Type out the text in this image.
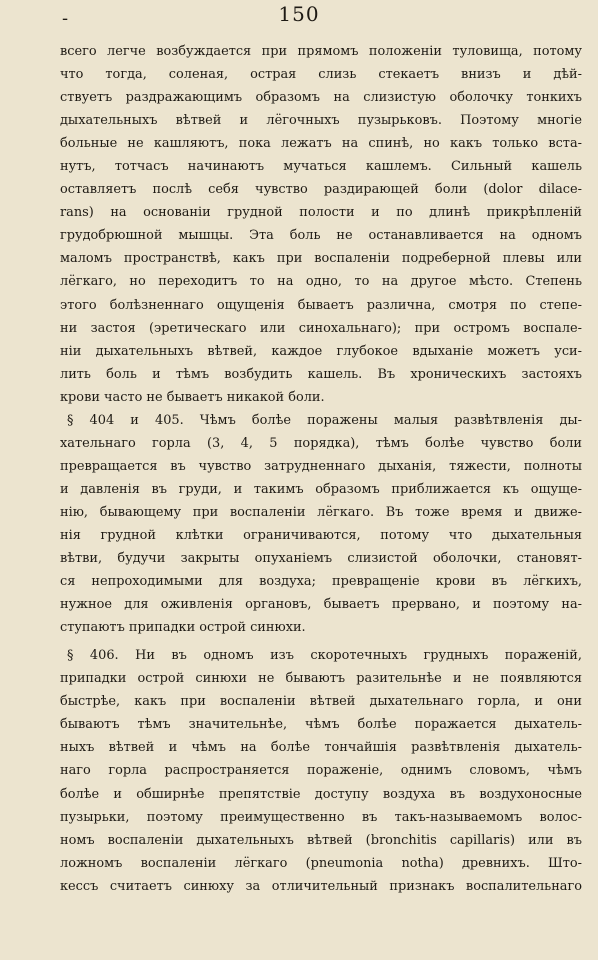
-	150
всего легче возбуждается при прямомъ положенiи туловища, потому
что тогда, соленая, острая слизь стекаетъ внизъ и дѣй-
ствуетъ раздражающимъ образомъ на слизистую оболочку тонкихъ
дыхательныхъ вѣтвей и лёгочныхъ пузырьковъ. Поэтому многiе
больные не кашляютъ, пока лежатъ на спинѣ, но какъ только вста-
нутъ, тотчасъ начинаютъ мучаться кашлемъ. Сильный кашель
оставляетъ послѣ себя чувство раздирающей боли (dolor dilace-
rans) на основанiи грудной полости и по длинѣ прикрѣпленiй
грудобрюшной мышцы. Эта боль не останавливается на одномъ
маломъ пространствѣ, какъ при воспаленiи подреберной плевы или
лёгкаго, но переходитъ то на одно, то на другое мѣсто. Степень
этого болѣзненнаго ощущенiя бываетъ различна, смотря по степе-
ни застоя (эретическаго или синохальнаго); при остромъ воспале-
нiи дыхательныхъ вѣтвей, каждое глубокое вдыханiе можетъ уси-
лить боль и тѣмъ возбудить кашель. Въ хроническихъ застояхъ
крови часто не бываетъ никакой боли.
§ 404 и 405. Чѣмъ болѣе поражены малыя развѣтвленiя ды-
хательнаго горла (3, 4, 5 порядка), тѣмъ болѣе чувство боли
превращается въ чувство затрудненнаго дыханiя, тяжести, полноты
и давленiя въ груди, и такимъ образомъ приближается къ ощуще-
нiю, бывающему при воспаленiи лёгкаго. Въ тоже время и движе-
нiя грудной клѣтки ограничиваются, потому что дыхательныя
вѣтви, будучи закрыты опуханiемъ слизистой оболочки, становят-
ся непроходимыми для воздуха; превращенiе крови въ лёгкихъ,
нужное для оживленiя органовъ, бываетъ прервано, и поэтому на-
ступаютъ припадки острой синюхи.
§ 406. Ни въ одномъ изъ скоротечныхъ грудныхъ пораженiй,
припадки острой синюхи не бываютъ разительнѣе и не появляются
быстрѣе, какъ при воспаленiи вѣтвей дыхательнаго горла, и они
бываютъ тѣмъ значительнѣе, чѣмъ болѣе поражается дыхатель-
ныхъ вѣтвей и чѣмъ на болѣе тончайшiя развѣтвленiя дыхатель-
наго горла распространяется пораженiе, однимъ словомъ, чѣмъ
болѣе и обширнѣе препятствiе доступу воздуха въ воздухоносные
пузырьки, поэтому преимущественно въ такъ-называемомъ волос-
номъ воспаленiи дыхательныхъ вѣтвей (bronchitis capillaris) или въ
ложномъ воспаленiи лёгкаго (pneumonia notha) древнихъ. Што-
кессъ считаетъ синюху за отличительный признакъ воспалительнаго
